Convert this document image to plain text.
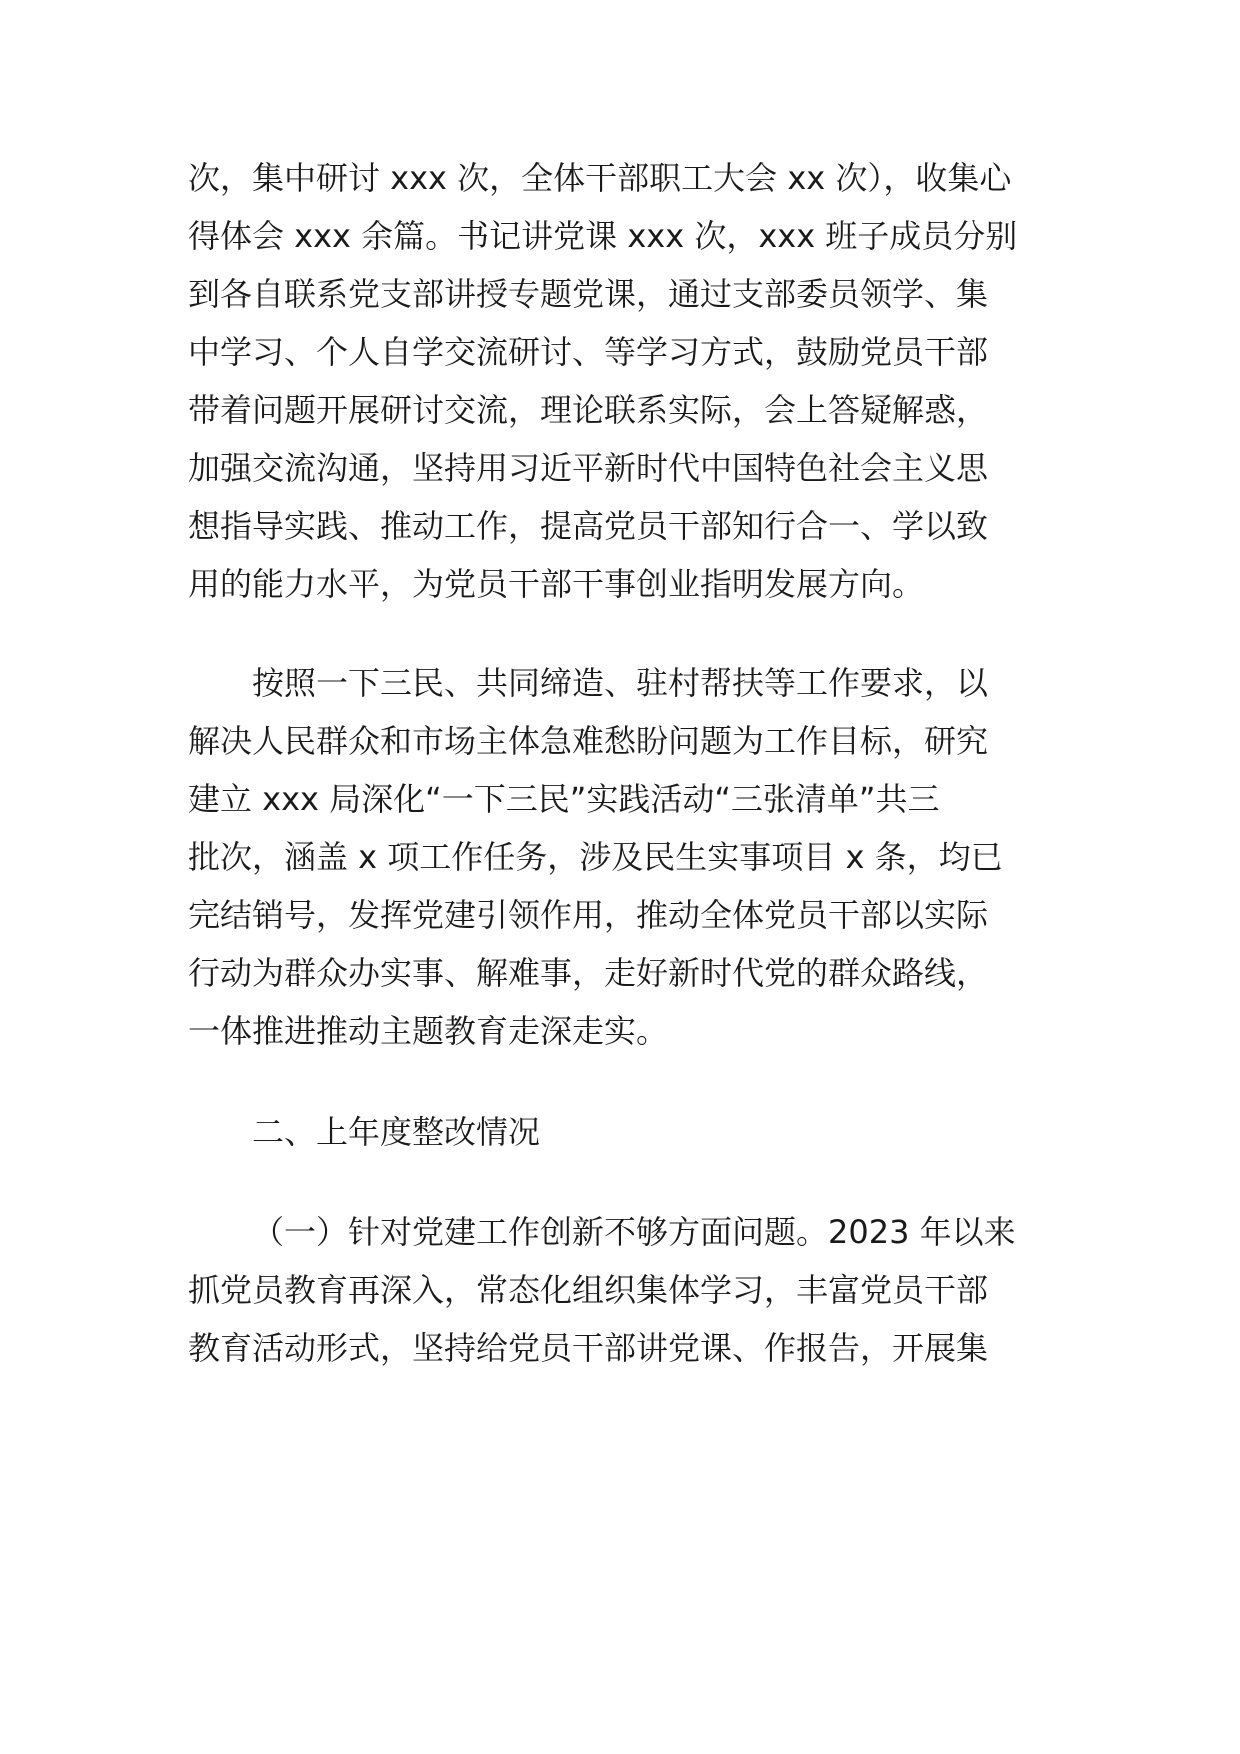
次，集中研讨 xxx 次，全体干部职工大会 xx 次），收集心
得体会 xxx 余篇。书记讲党课 xxx 次，xxx 班子成员分别
到各自联系党支部讲授专题党课，通过支部委员领学、集
中学习、个人自学交流研讨、等学习方式，鼓励党员干部
带着问题开展研讨交流，理论联系实际，会上答疑解惑，
加强交流沟通，坚持用习近平新时代中国特色社会主义思
想指导实践、推动工作，提高党员干部知行合一、学以致
用的能力水平，为党员干部干事创业指明发展方向。
按照一下三民、共同缔造、驻村帮扶等工作要求，以
解决人民群众和市场主体急难愁盼问题为工作目标，研究
建立 xxx 局深化“一下三民”实践活动“三张清单”共三
批次，涵盖 x 项工作任务，涉及民生实事项目 x 条，均已
完结销号，发挥党建引领作用，推动全体党员干部以实际
行动为群众办实事、解难事，走好新时代党的群众路线，
一体推进推动主题教育走深走实。
二、上年度整改情况
（一）针对党建工作创新不够方面问题。2023 年以来
抓党员教育再深入，常态化组织集体学习，丰富党员干部
教育活动形式，坚持给党员干部讲党课、作报告，开展集
